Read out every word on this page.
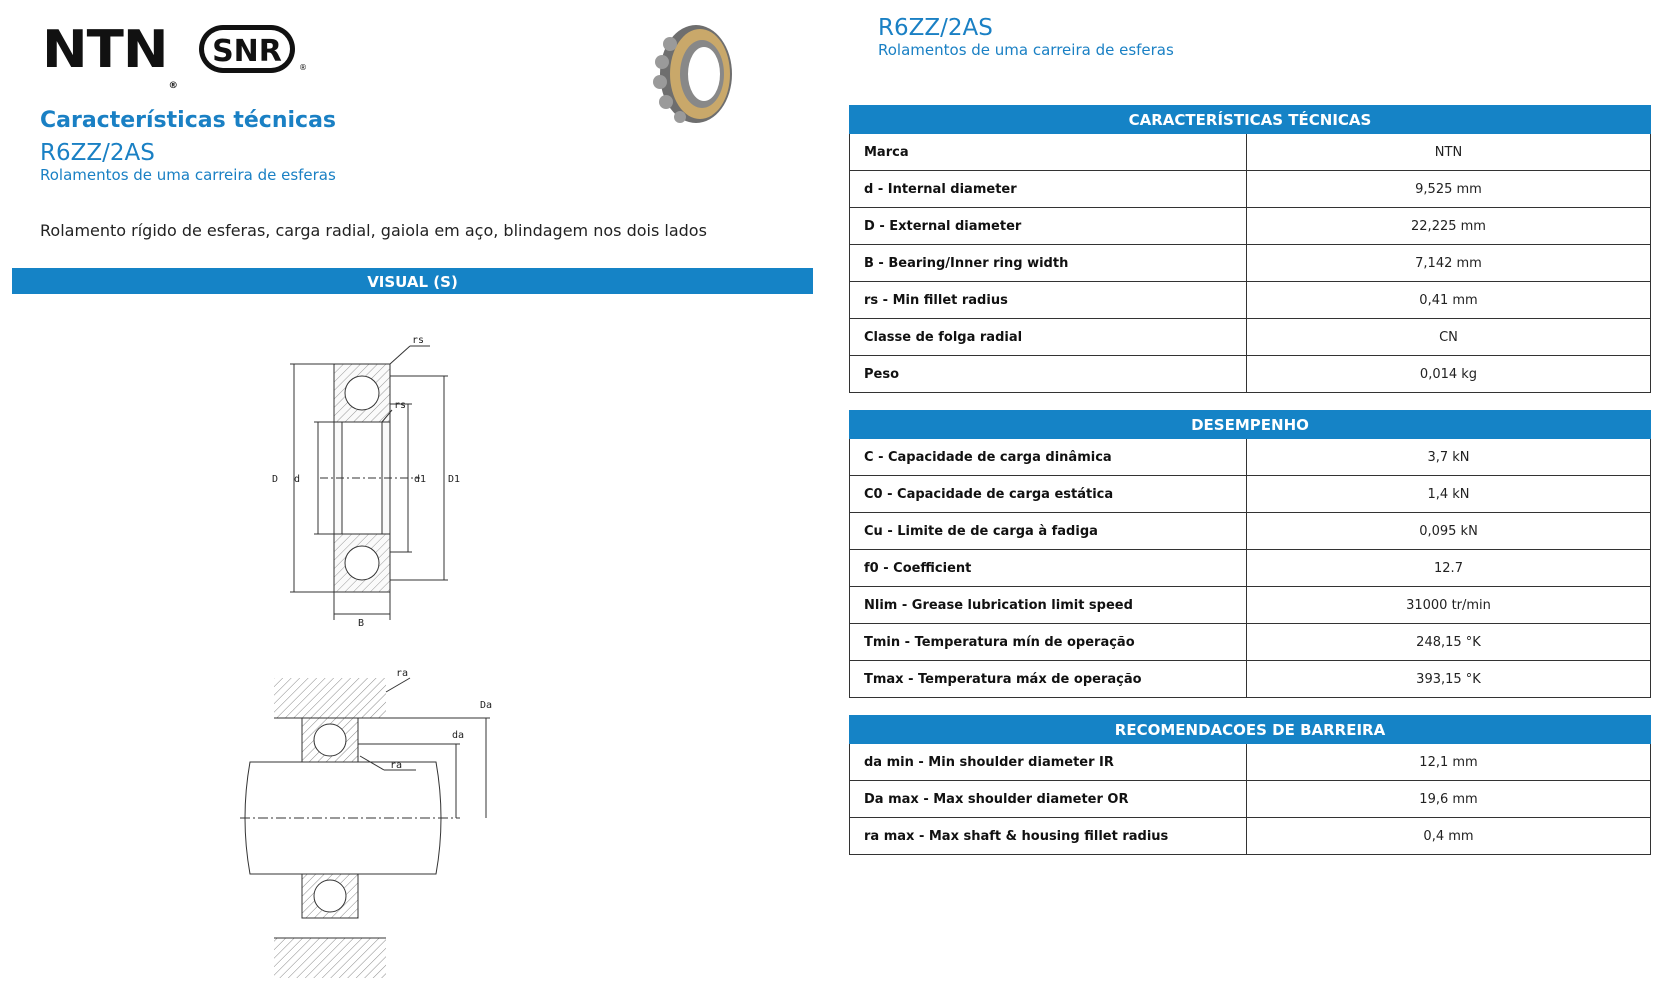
NTN®
SNR ®
Características técnicas
R6ZZ/2AS
Rolamentos de uma carreira de esferas
Rolamento rígido de esferas, carga radial, gaiola em aço, blindagem nos dois lados
VISUAL (S)
rs
rs
D d	d1 D1
B
ra
Da
da
ra
R6ZZ/2AS
Rolamentos de uma carreira de esferas
CARACTERÍSTICAS TÉCNICAS	
Marca	NTN
d - Internal diameter	9,525 mm
D - External diameter	22,225 mm
B - Bearing/Inner ring width	7,142 mm
rs - Min fillet radius	0,41 mm
Classe de folga radial	CN
Peso	0,014 kg
DESEMPENHO	
C - Capacidade de carga dinâmica	3,7 kN
C0 - Capacidade de carga estática	1,4 kN
Cu - Limite de de carga à fadiga	0,095 kN
f0 - Coefficient	12.7
Nlim - Grease lubrication limit speed	31000 tr/min
Tmin - Temperatura mín de operação	248,15 °K
Tmax - Temperatura máx de operação	393,15 °K
RECOMENDACOES DE BARREIRA	
da min - Min shoulder diameter IR	12,1 mm
Da max - Max shoulder diameter OR	19,6 mm
ra max - Max shaft & housing fillet radius	0,4 mm
